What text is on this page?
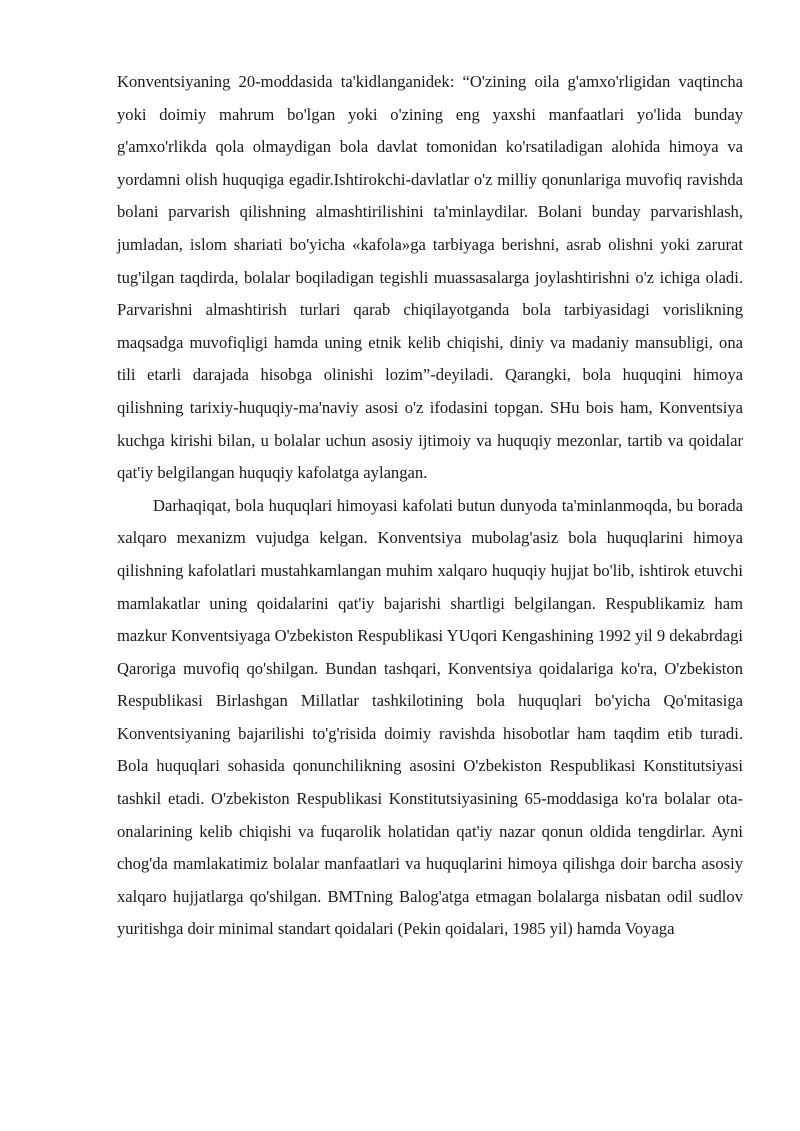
Konventsiyaning 20-moddasida ta'kidlanganidek: “O'zining oila g'amxo'rligidan vaqtincha yoki doimiy mahrum bo'lgan yoki o'zining eng yaxshi manfaatlari yo'lida bunday g'amxo'rlikda qola olmaydigan bola davlat tomonidan ko'rsatiladigan alohida himoya va yordamni olish huquqiga egadir.Ishtirokchi-davlatlar o'z milliy qonunlariga muvofiq ravishda bolani parvarish qilishning almashtirilishini ta'minlaydilar. Bolani bunday parvarishlash, jumladan, islom shariati bo'yicha «kafola»ga tarbiyaga berishni, asrab olishni yoki zarurat tug'ilgan taqdirda, bolalar boqiladigan tegishli muassasalarga joylashtirishni o'z ichiga oladi. Parvarishni almashtirish turlari qarab chiqilayotganda bola tarbiyasidagi vorislikning maqsadga muvofiqligi hamda uning etnik kelib chiqishi, diniy va madaniy mansubligi, ona tili etarli darajada hisobga olinishi lozim”-deyiladi. Qarangki, bola huquqini himoya qilishning tarixiy-huquqiy-ma'naviy asosi o'z ifodasini topgan. SHu bois ham, Konventsiya kuchga kirishi bilan, u bolalar uchun asosiy ijtimoiy va huquqiy mezonlar, tartib va qoidalar qat'iy belgilangan huquqiy kafolatga aylangan.

Darhaqiqat, bola huquqlari himoyasi kafolati butun dunyoda ta'minlanmoqda, bu borada xalqaro mexanizm vujudga kelgan. Konventsiya mubolag'asiz bola huquqlarini himoya qilishning kafolatlari mustahkamlangan muhim xalqaro huquqiy hujjat bo'lib, ishtirok etuvchi mamlakatlar uning qoidalarini qat'iy bajarishi shartligi belgilangan. Respublikamiz ham mazkur Konventsiyaga O'zbekiston Respublikasi YUqori Kengashining 1992 yil 9 dekabrdagi Qaroriga muvofiq qo'shilgan. Bundan tashqari, Konventsiya qoidalariga ko'ra, O'zbekiston Respublikasi Birlashgan Millatlar tashkilotining bola huquqlari bo'yicha Qo'mitasiga Konventsiyaning bajarilishi to'g'risida doimiy ravishda hisobotlar ham taqdim etib turadi. Bola huquqlari sohasida qonunchilikning asosini O'zbekiston Respublikasi Konstitutsiyasi tashkil etadi. O'zbekiston Respublikasi Konstitutsiyasining 65-moddasiga ko'ra bolalar ota-onalarining kelib chiqishi va fuqarolik holatidan qat'iy nazar qonun oldida tengdirlar. Ayni chog'da mamlakatimiz bolalar manfaatlari va huquqlarini himoya qilishga doir barcha asosiy xalqaro hujjatlarga qo'shilgan. BMTning Balog'atga etmagan bolalarga nisbatan odil sudlov yuritishga doir minimal standart qoidalari (Pekin qoidalari, 1985 yil) hamda Voyaga
